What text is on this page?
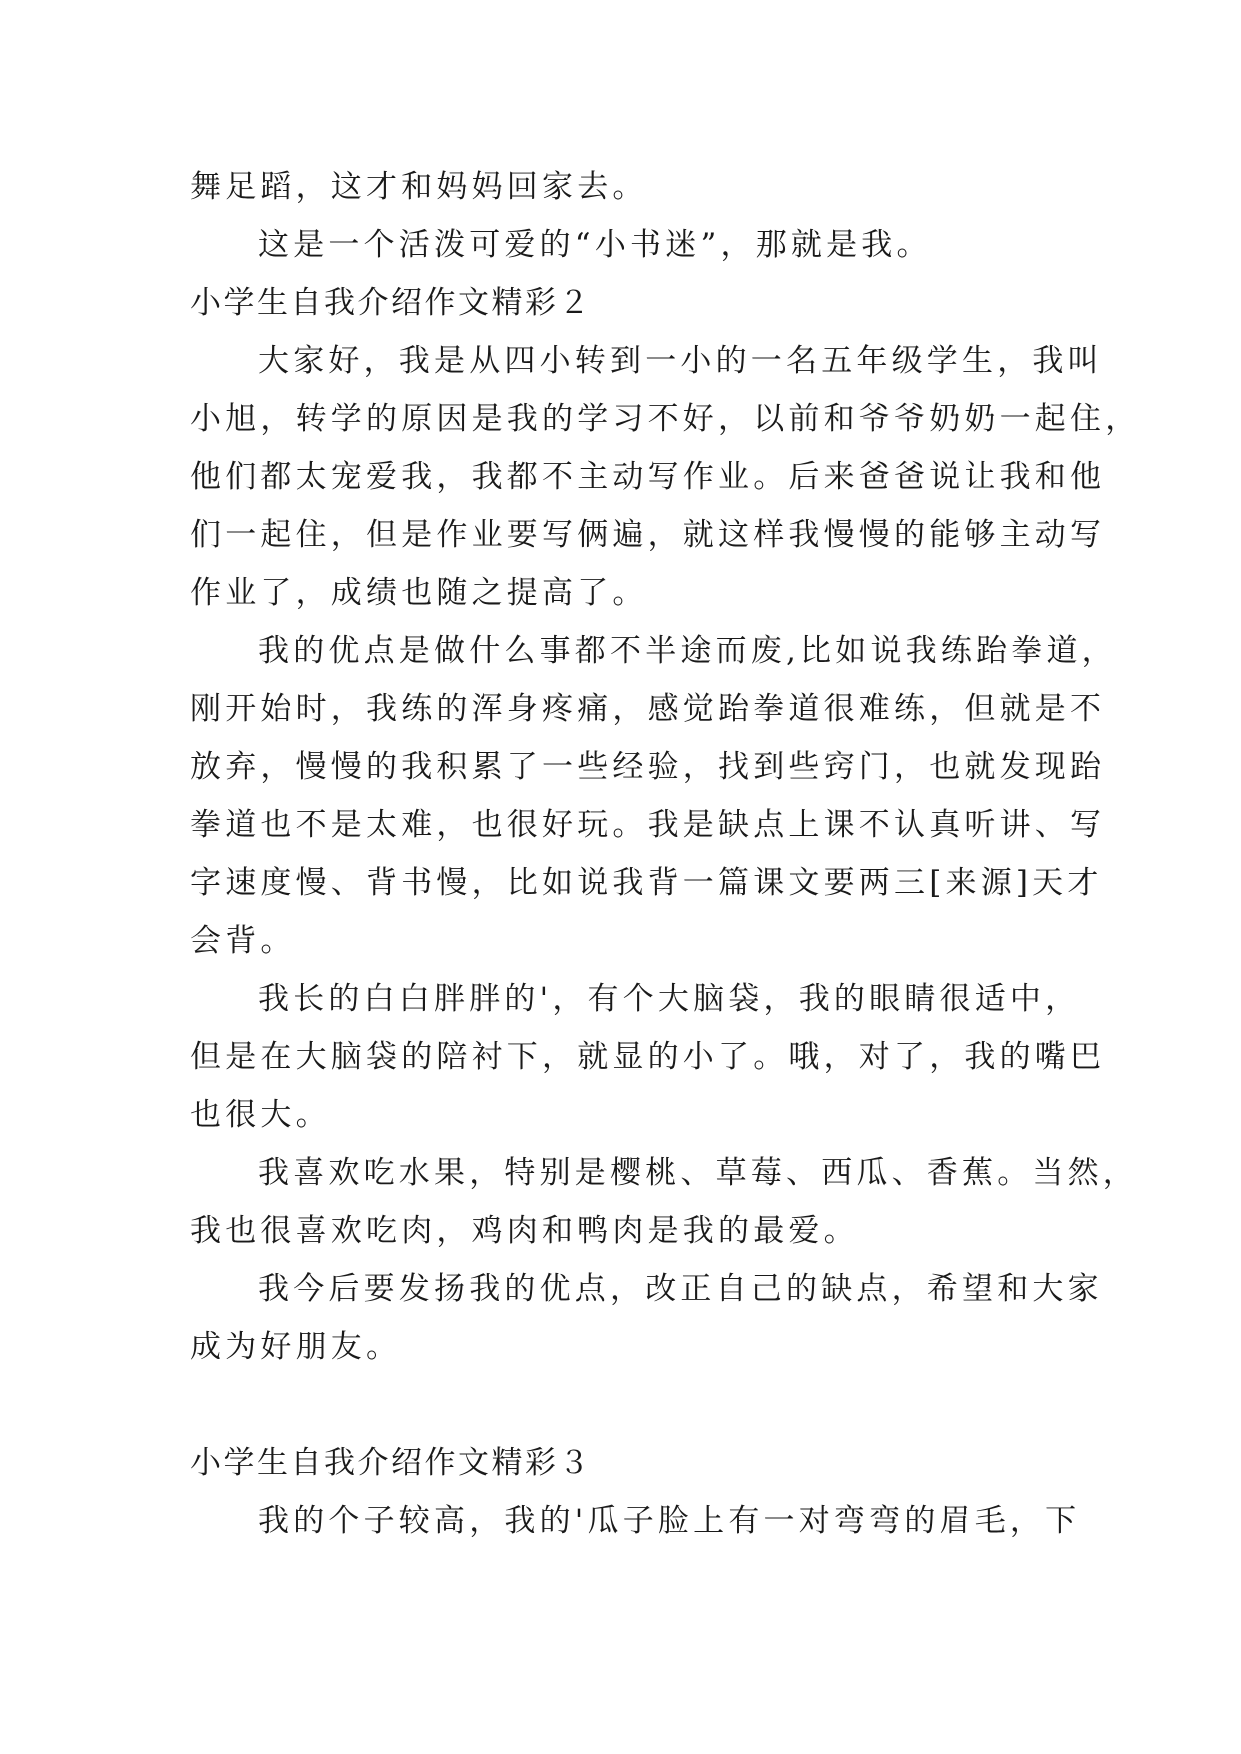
舞足蹈，这才和妈妈回家去。
这是一个活泼可爱的“小书迷”，那就是我。
小学生自我介绍作文精彩２
大家好，我是从四小转到一小的一名五年级学生，我叫
小旭，转学的原因是我的学习不好，以前和爷爷奶奶一起住，
他们都太宠爱我，我都不主动写作业。后来爸爸说让我和他
们一起住，但是作业要写俩遍，就这样我慢慢的能够主动写
作业了，成绩也随之提高了。
我的优点是做什么事都不半途而废,比如说我练跆拳道，
刚开始时，我练的浑身疼痛，感觉跆拳道很难练，但就是不
放弃，慢慢的我积累了一些经验，找到些窍门，也就发现跆
拳道也不是太难，也很好玩。我是缺点上课不认真听讲、写
字速度慢、背书慢，比如说我背一篇课文要两三[来源]天才
会背。
我长的白白胖胖的'，有个大脑袋，我的眼睛很适中，
但是在大脑袋的陪衬下，就显的小了。哦，对了，我的嘴巴
也很大。
我喜欢吃水果，特别是樱桃、草莓、西瓜、香蕉。当然，
我也很喜欢吃肉，鸡肉和鸭肉是我的最爱。
我今后要发扬我的优点，改正自己的缺点，希望和大家
成为好朋友。
小学生自我介绍作文精彩３
我的个子较高，我的'瓜子脸上有一对弯弯的眉毛，下
